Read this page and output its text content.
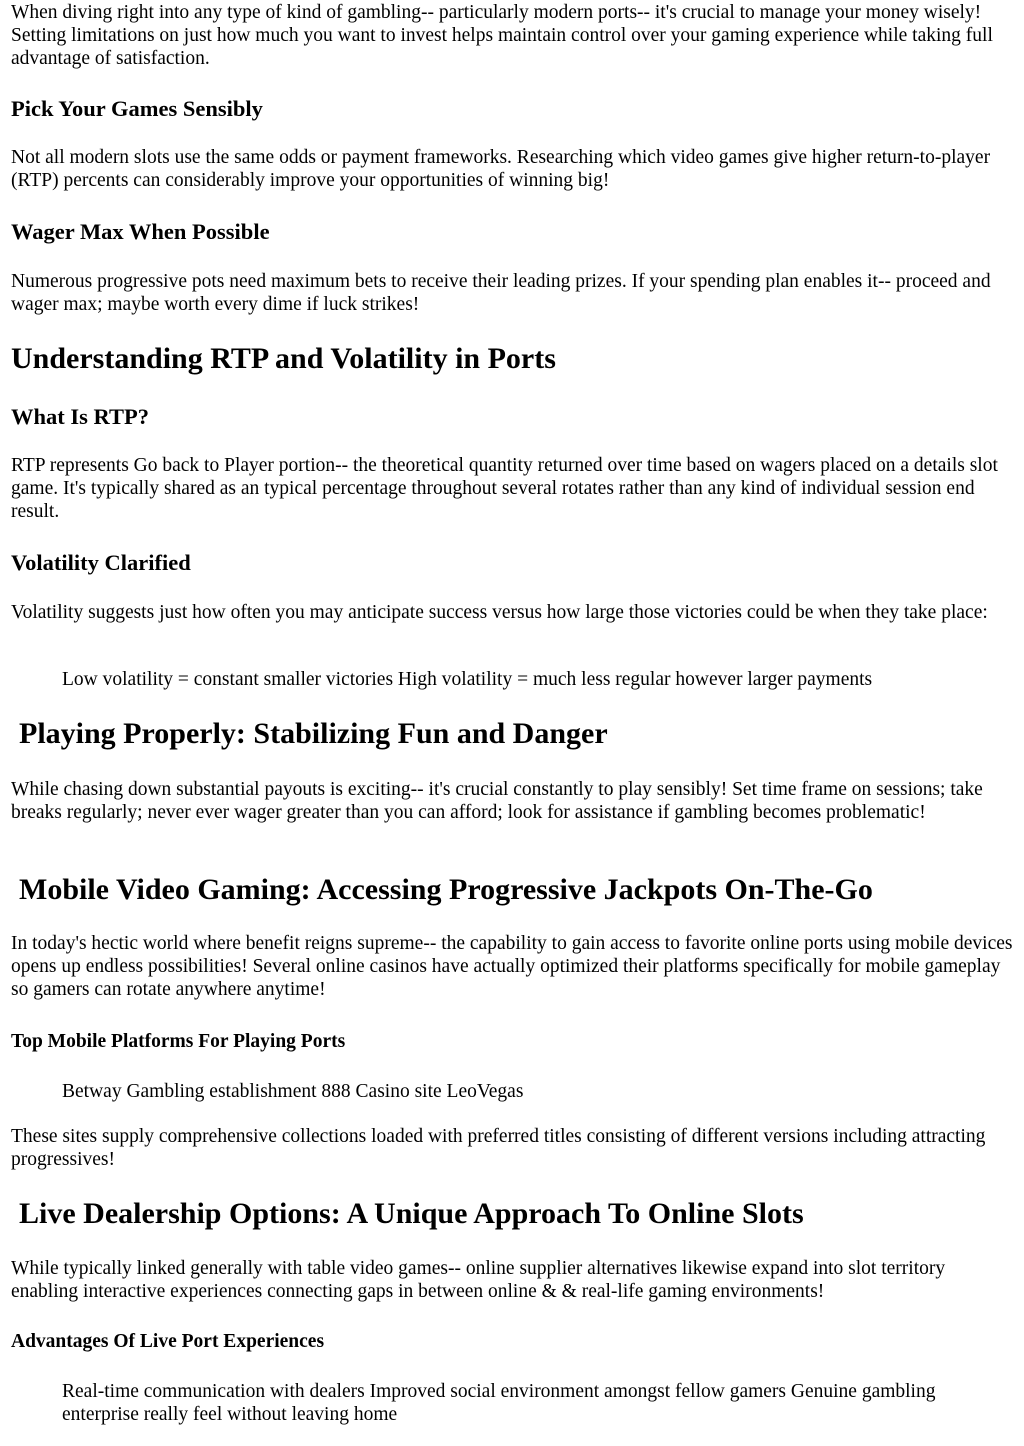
When diving right into any type of kind of gambling-- particularly modern ports-- it's crucial to manage your money wisely! Setting limitations on just how much you want to invest helps maintain control over your gaming experience while taking full advantage of satisfaction.

Pick Your Games Sensibly

Not all modern slots use the same odds or payment frameworks. Researching which video games give higher return-to-player (RTP) percents can considerably improve your opportunities of winning big!

Wager Max When Possible

Numerous progressive pots need maximum bets to receive their leading prizes. If your spending plan enables it-- proceed and wager max; maybe worth every dime if luck strikes!

Understanding RTP and Volatility in Ports
What Is RTP?

RTP represents Go back to Player portion-- the theoretical quantity returned over time based on wagers placed on a details slot game. It's typically shared as an typical percentage throughout several rotates rather than any kind of individual session end result.

Volatility Clarified

Volatility suggests just how often you may anticipate success versus how large those victories could be when they take place:

Low volatility = constant smaller victories High volatility = much less regular however larger payments

Playing Properly: Stabilizing Fun and Danger

While chasing down substantial payouts is exciting-- it's crucial constantly to play sensibly! Set time frame on sessions; take breaks regularly; never ever wager greater than you can afford; look for assistance if gambling becomes problematic!

Mobile Video Gaming: Accessing Progressive Jackpots On-The-Go

In today's hectic world where benefit reigns supreme-- the capability to gain access to favorite online ports using mobile devices opens up endless possibilities! Several online casinos have actually optimized their platforms specifically for mobile gameplay so gamers can rotate anywhere anytime!

Top Mobile Platforms For Playing Ports

Betway Gambling establishment 888 Casino site LeoVegas

These sites supply comprehensive collections loaded with preferred titles consisting of different versions including attracting progressives!

Live Dealership Options: A Unique Approach To Online Slots

While typically linked generally with table video games-- online supplier alternatives likewise expand into slot territory enabling interactive experiences connecting gaps in between online & & real-life gaming environments!

Advantages Of Live Port Experiences

Real-time communication with dealers Improved social environment amongst fellow gamers Genuine gambling enterprise really feel without leaving home
